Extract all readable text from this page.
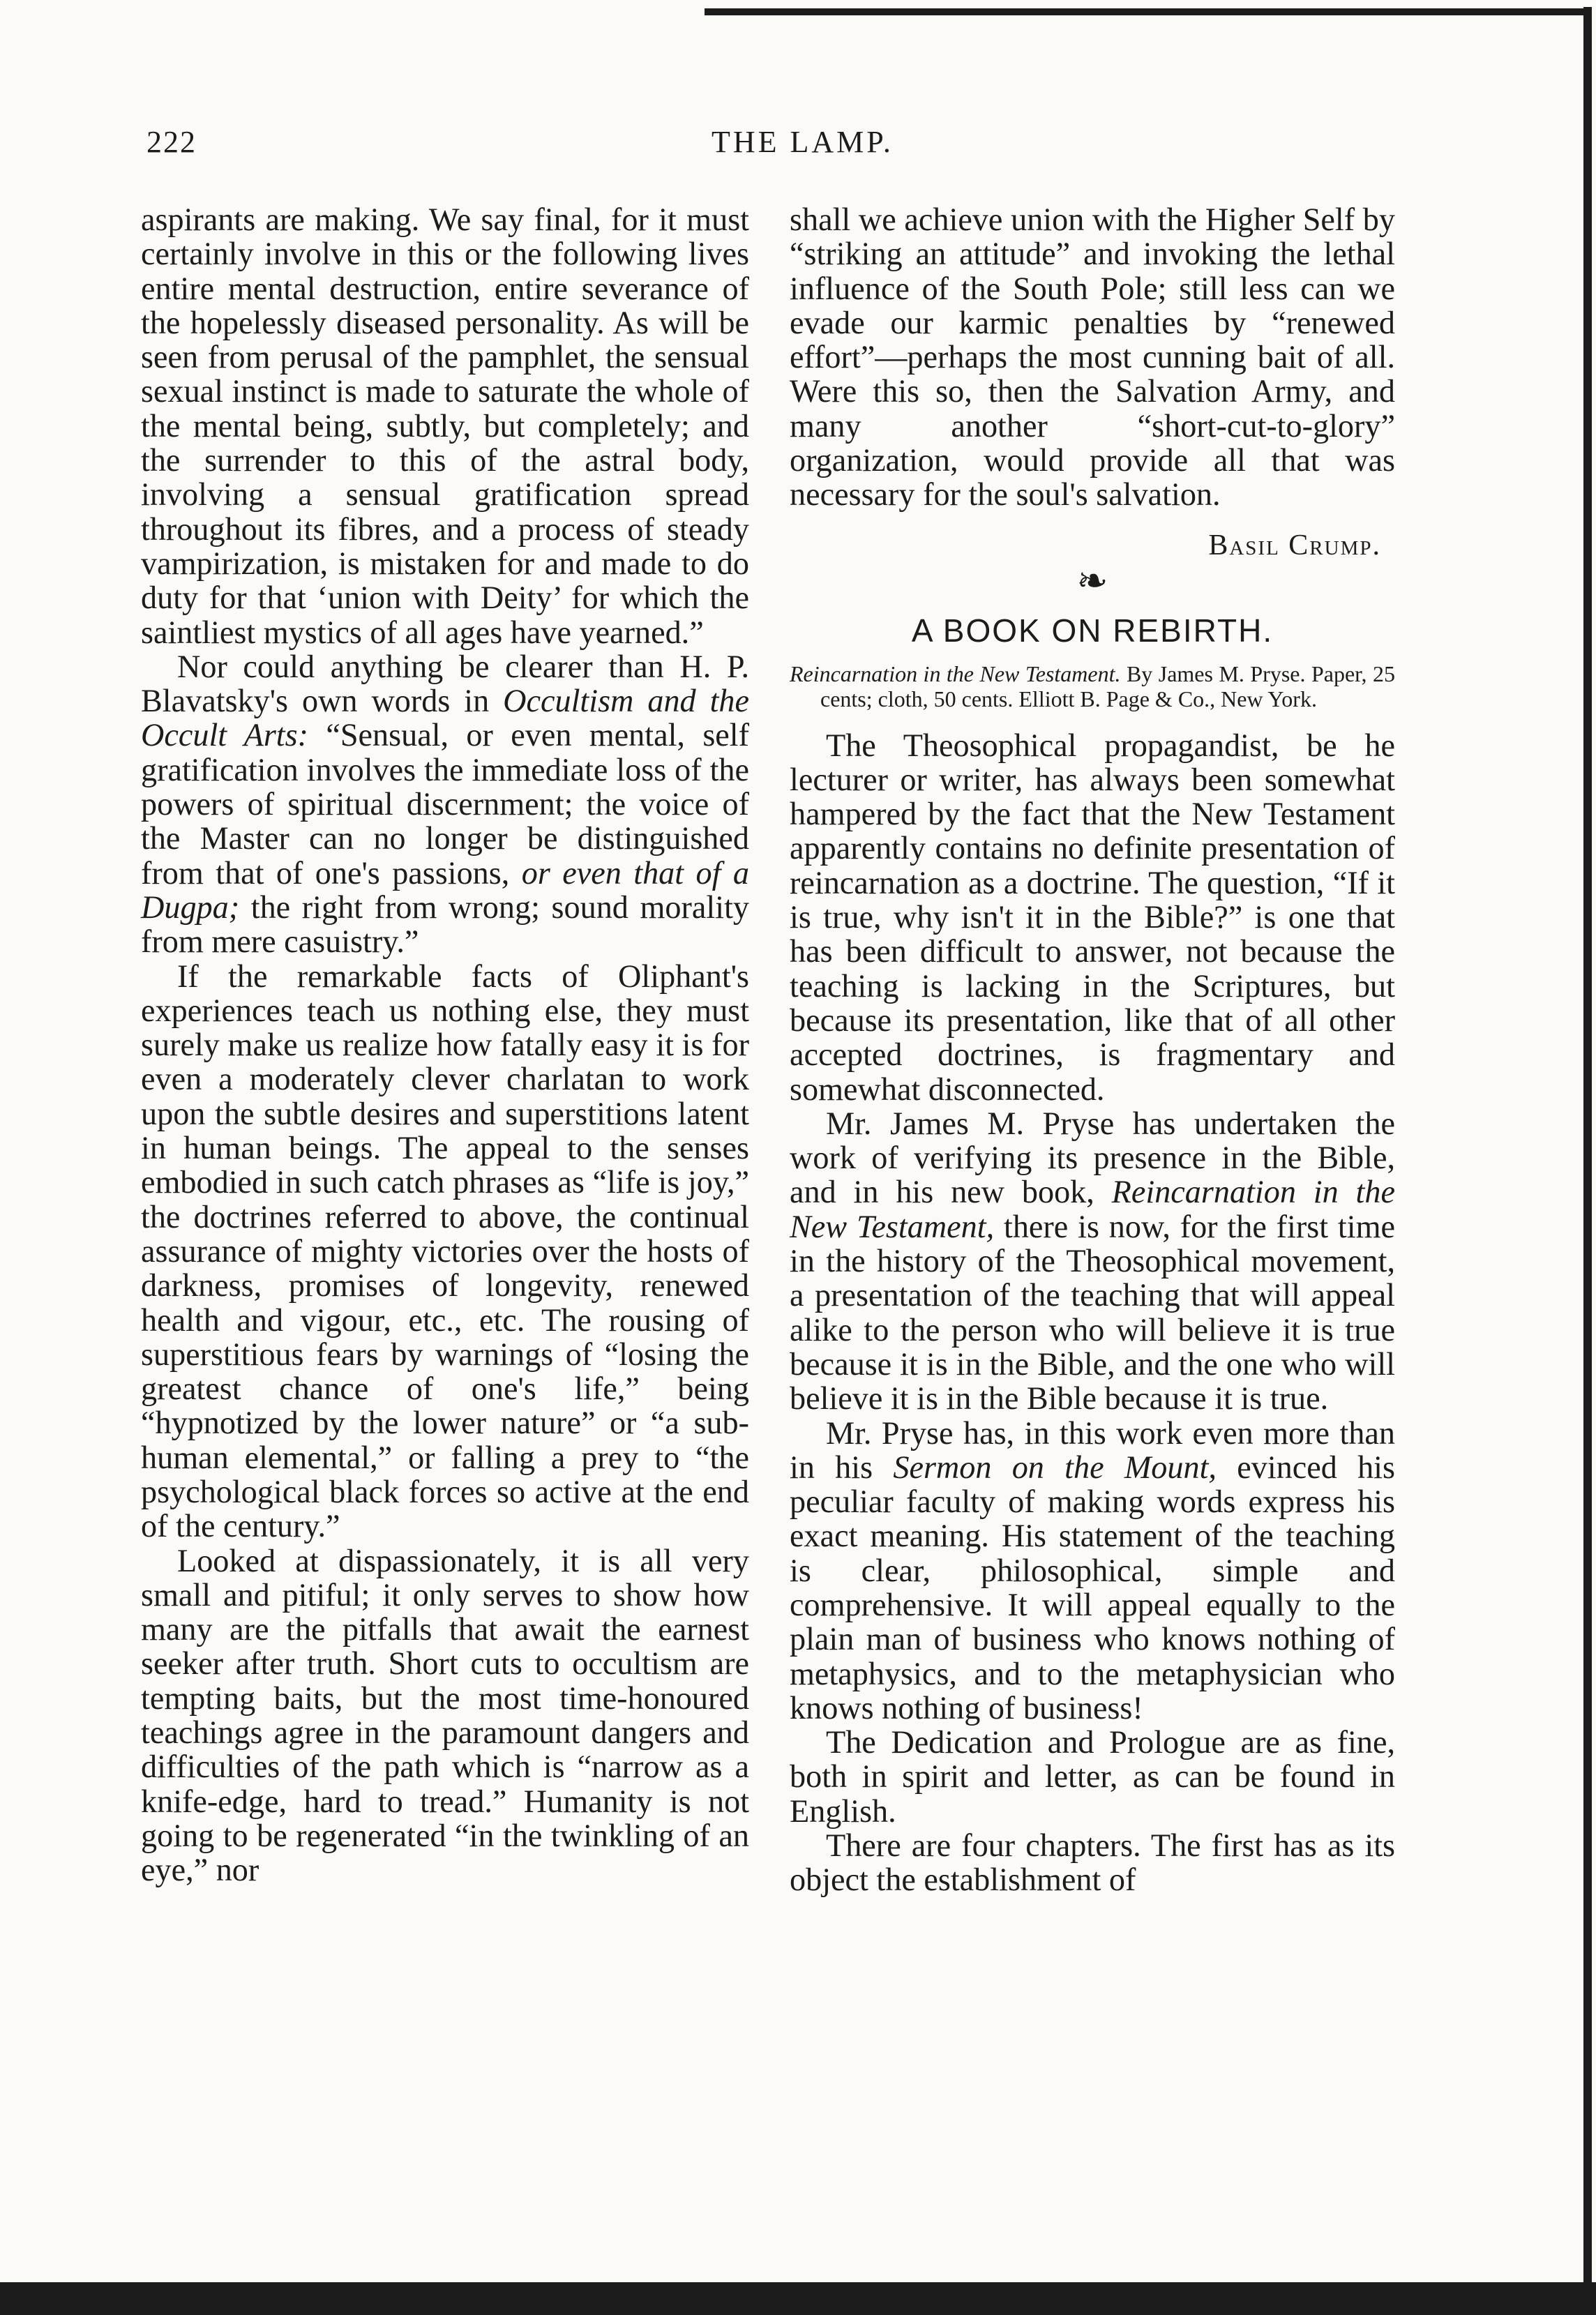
222	THE LAMP.

aspirants are making. We say final, for it must certainly involve in this or the following lives entire mental destruction, entire severance of the hopelessly diseased personality. As will be seen from perusal of the pamphlet, the sensual sexual instinct is made to saturate the whole of the mental being, subtly, but completely; and the surrender to this of the astral body, involving a sensual gratification spread throughout its fibres, and a process of steady vampirization, is mistaken for and made to do duty for that ‘union with Deity’ for which the saintliest mystics of all ages have yearned.”

Nor could anything be clearer than H. P. Blavatsky's own words in Occultism and the Occult Arts: “Sensual, or even mental, self gratification involves the immediate loss of the powers of spiritual discernment; the voice of the Master can no longer be distinguished from that of one's passions, or even that of a Dugpa; the right from wrong; sound morality from mere casuistry.”

If the remarkable facts of Oliphant's experiences teach us nothing else, they must surely make us realize how fatally easy it is for even a moderately clever charlatan to work upon the subtle desires and superstitions latent in human beings. The appeal to the senses embodied in such catch phrases as “life is joy,” the doctrines referred to above, the continual assurance of mighty victories over the hosts of darkness, promises of longevity, renewed health and vigour, etc., etc. The rousing of superstitious fears by warnings of “losing the greatest chance of one's life,” being “hypnotized by the lower nature” or “a sub-human elemental,” or falling a prey to “the psychological black forces so active at the end of the century.”

Looked at dispassionately, it is all very small and pitiful; it only serves to show how many are the pitfalls that await the earnest seeker after truth. Short cuts to occultism are tempting baits, but the most time-honoured teachings agree in the paramount dangers and difficulties of the path which is “narrow as a knife-edge, hard to tread.” Humanity is not going to be regenerated “in the twinkling of an eye,” nor

shall we achieve union with the Higher Self by “striking an attitude” and invoking the lethal influence of the South Pole; still less can we evade our karmic penalties by “renewed effort”—perhaps the most cunning bait of all. Were this so, then the Salvation Army, and many another “short-cut-to-glory” organization, would provide all that was necessary for the soul's salvation.

Basil Crump.
❧
A BOOK ON REBIRTH.
Reincarnation in the New Testament. By James M. Pryse. Paper, 25 cents; cloth, 50 cents. Elliott B. Page & Co., New York.

The Theosophical propagandist, be he lecturer or writer, has always been somewhat hampered by the fact that the New Testament apparently contains no definite presentation of reincarnation as a doctrine. The question, “If it is true, why isn't it in the Bible?” is one that has been difficult to answer, not because the teaching is lacking in the Scriptures, but because its presentation, like that of all other accepted doctrines, is fragmentary and somewhat disconnected.

Mr. James M. Pryse has undertaken the work of verifying its presence in the Bible, and in his new book, Reincarnation in the New Testament, there is now, for the first time in the history of the Theosophical movement, a presentation of the teaching that will appeal alike to the person who will believe it is true because it is in the Bible, and the one who will believe it is in the Bible because it is true.

Mr. Pryse has, in this work even more than in his Sermon on the Mount, evinced his peculiar faculty of making words express his exact meaning. His statement of the teaching is clear, philosophical, simple and comprehensive. It will appeal equally to the plain man of business who knows nothing of metaphysics, and to the metaphysician who knows nothing of business!

The Dedication and Prologue are as fine, both in spirit and letter, as can be found in English.

There are four chapters. The first has as its object the establishment of
